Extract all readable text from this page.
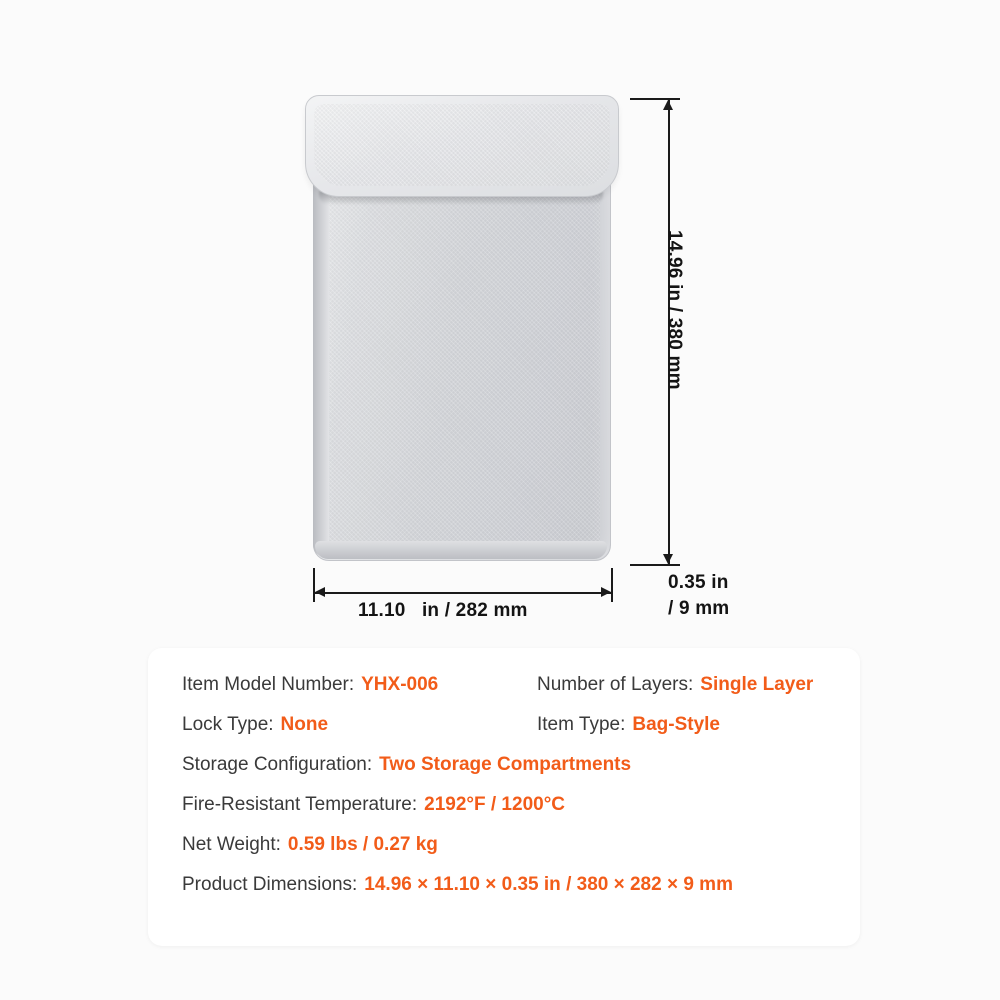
14.96 in / 380 mm
11.10 in / 282 mm
0.35 in
/ 9 mm
Item Model Number: YHX-006	Number of Layers: Single Layer
Lock Type: None	Item Type: Bag-Style
Storage Configuration: Two Storage Compartments
Fire-Resistant Temperature: 2192°F / 1200°C
Net Weight: 0.59 lbs / 0.27 kg
Product Dimensions: 14.96 × 11.10 × 0.35 in / 380 × 282 × 9 mm
